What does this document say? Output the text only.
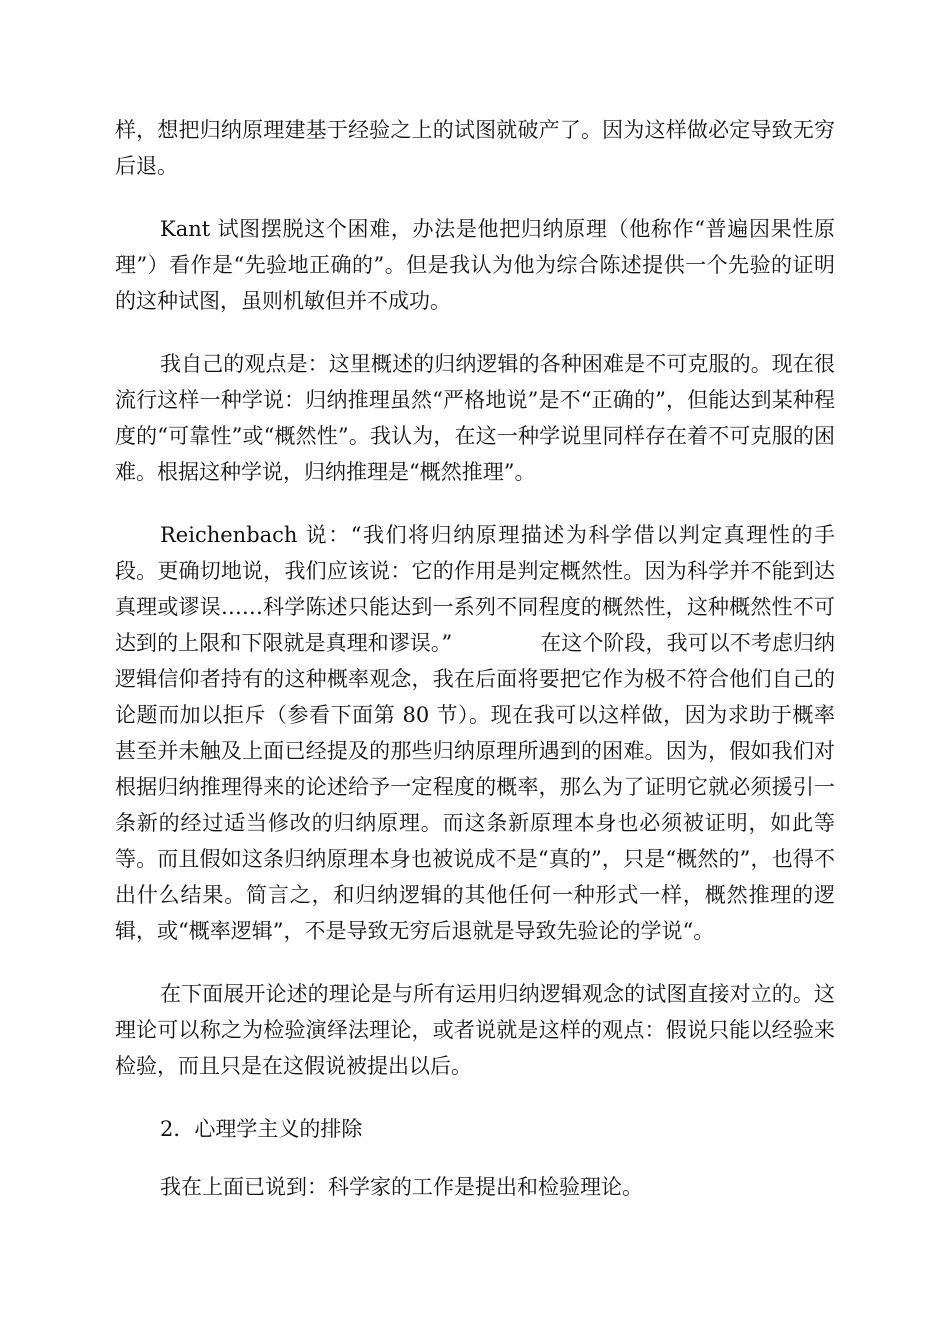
样，想把归纳原理建基于经验之上的试图就破产了。因为这样做必定导致无穷后退。

Kant 试图摆脱这个困难，办法是他把归纳原理（他称作“普遍因果性原理”）看作是“先验地正确的”。但是我认为他为综合陈述提供一个先验的证明的这种试图，虽则机敏但并不成功。

我自己的观点是：这里概述的归纳逻辑的各种困难是不可克服的。现在很流行这样一种学说：归纳推理虽然“严格地说”是不“正确的”，但能达到某种程度的“可靠性”或“概然性”。我认为，在这一种学说里同样存在着不可克服的困难。根据这种学说，归纳推理是“概然推理”。

Reichenbach 说：“我们将归纳原理描述为科学借以判定真理性的手段。更确切地说，我们应该说：它的作用是判定概然性。因为科学并不能到达真理或谬误……科学陈述只能达到一系列不同程度的概然性，这种概然性不可达到的上限和下限就是真理和谬误。”	在这个阶段，我可以不考虑归纳逻辑信仰者持有的这种概率观念，我在后面将要把它作为极不符合他们自己的论题而加以拒斥（参看下面第 80 节）。现在我可以这样做，因为求助于概率甚至并未触及上面已经提及的那些归纳原理所遇到的困难。因为，假如我们对根据归纳推理得来的论述给予一定程度的概率，那么为了证明它就必须援引一条新的经过适当修改的归纳原理。而这条新原理本身也必须被证明，如此等等。而且假如这条归纳原理本身也被说成不是“真的”，只是“概然的”，也得不出什么结果。简言之，和归纳逻辑的其他任何一种形式一样，概然推理的逻辑，或“概率逻辑”，不是导致无穷后退就是导致先验论的学说“。

在下面展开论述的理论是与所有运用归纳逻辑观念的试图直接对立的。这理论可以称之为检验演绎法理论，或者说就是这样的观点：假说只能以经验来检验，而且只是在这假说被提出以后。

2．心理学主义的排除

我在上面已说到：科学家的工作是提出和检验理论。
